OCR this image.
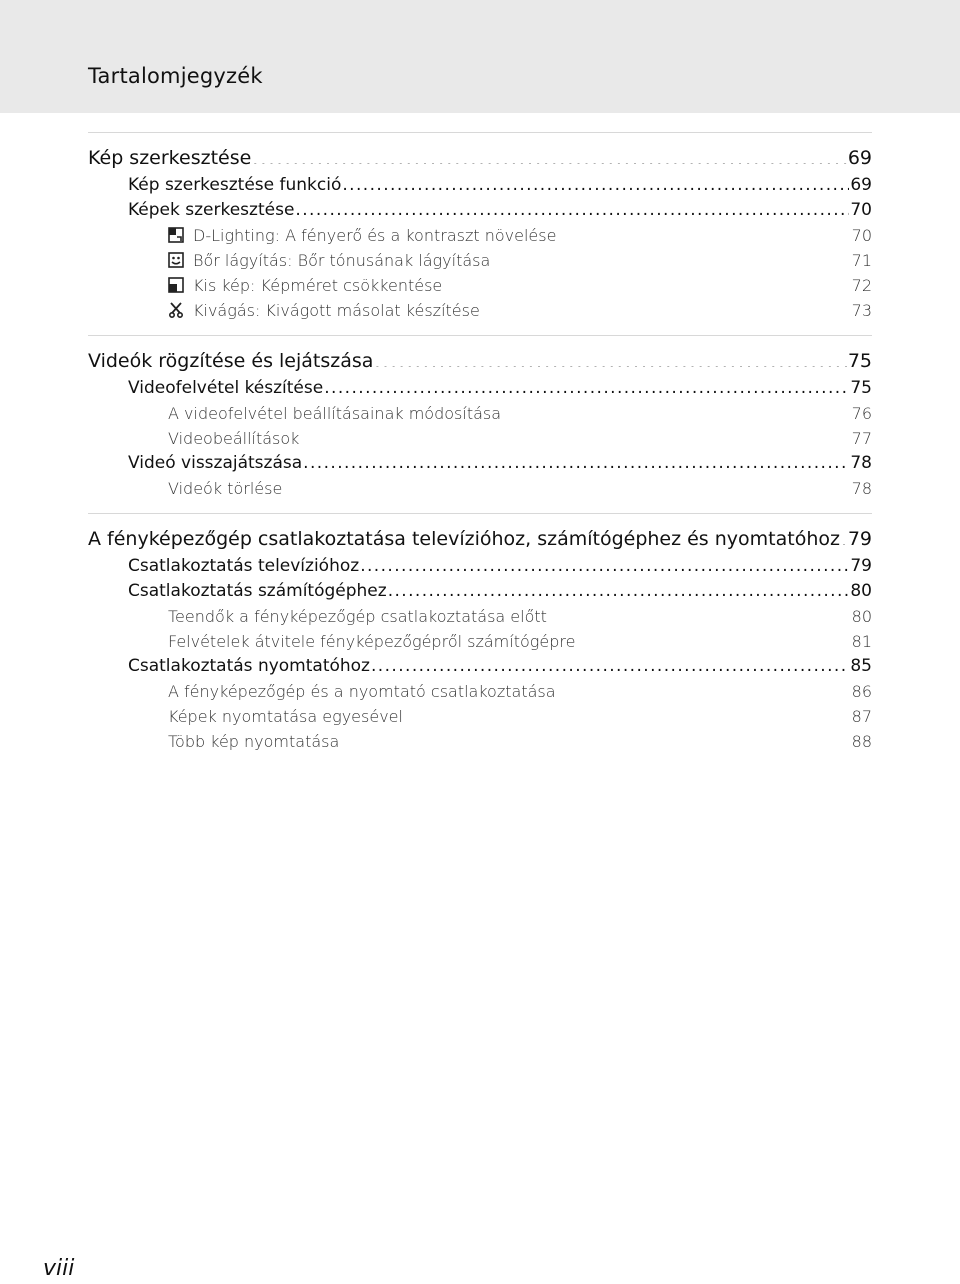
Tartalomjegyzék
Kép szerkesztése . . .	69
Kép szerkesztése funkció . . .	69
Képek szerkesztése . . .	70
D-Lighting: A fényerő és a kontraszt növelése . . .	70
Bőr lágyítás: Bőr tónusának lágyítása . . .	71
Kis kép: Képméret csökkentése . . .	72
Kivágás: Kivágott másolat készítése . . .	73
Videók rögzítése és lejátszása . . .	75
Videofelvétel készítése . . .	75
A videofelvétel beállításainak módosítása . . .	76
Videobeállítások . . .	77
Videó visszajátszása . . .	78
Videók törlése . . .	78
A fényképezőgép csatlakoztatása televízióhoz, számítógéphez és nyomtatóhoz . . . 79
Csatlakoztatás televízióhoz . . .	79
Csatlakoztatás számítógéphez . . .	80
Teendők a fényképezőgép csatlakoztatása előtt . . .	80
Felvételek átvitele fényképezőgépről számítógépre . . .	81
Csatlakoztatás nyomtatóhoz . . .	85
A fényképezőgép és a nyomtató csatlakoztatása . . .	86
Képek nyomtatása egyesével . . .	87
Több kép nyomtatása . . .	88
viii
